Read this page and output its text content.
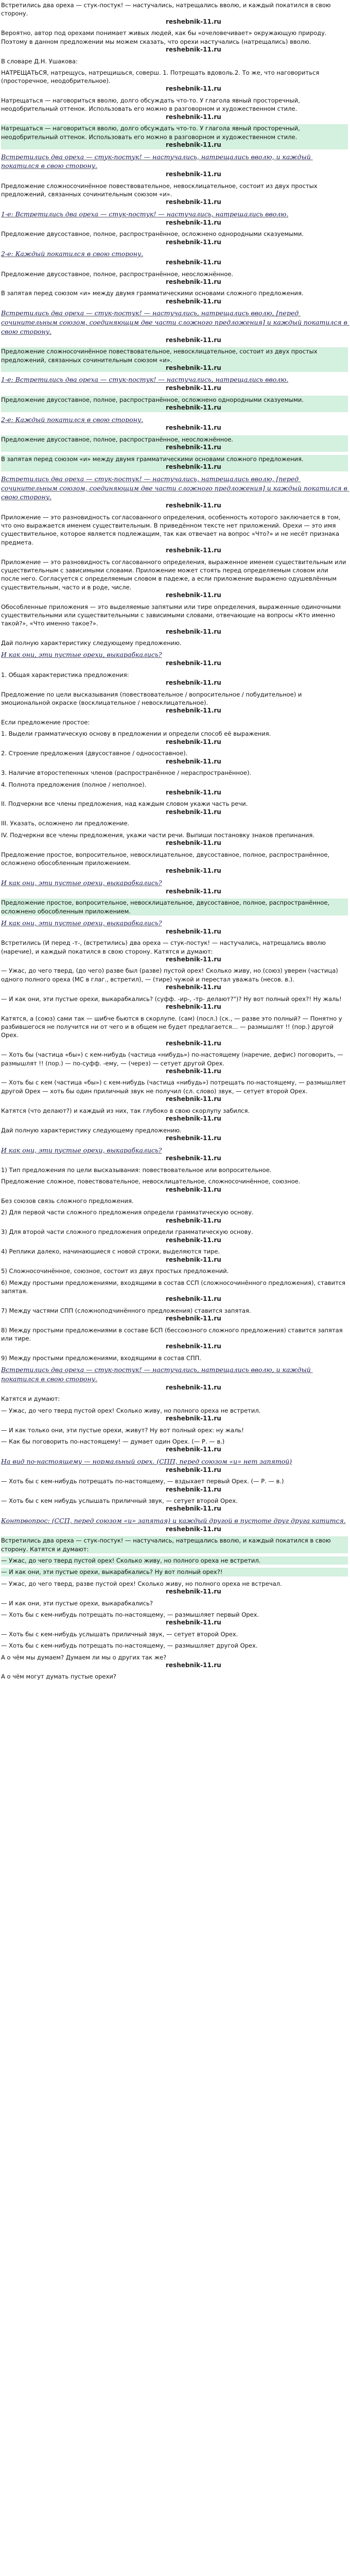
Встретились два ореха — стук-постук! — настучались, натрещались вволю, и каждый покатился в свою сторону.
reshebnik-11.ru
Вероятно, автор под орехами понимает живых людей, как бы «очеловечивает» окружающую природу. Поэтому в данном предложении мы можем сказать, что орехи настучались (натрещались) вволю.
reshebnik-11.ru
В словаре Д.Н. Ушакова:
НАТРЕЩАТЬСЯ, натрещусь, натрещишься, соверш. 1. Потрещать вдоволь.2. То же, что наговориться (просторечное, неодобрительное).
reshebnik-11.ru
Натрещаться — наговориться вволю, долго обсуждать что-то. У глагола явный просторечный, неодобрительный оттенок. Использовать его можно в разговорном и художественном стиле.
reshebnik-11.ru
Натрещаться — наговориться вволю, долго обсуждать что-то. У глагола явный просторечный, неодобрительный оттенок. Использовать его можно в разговорном и художественном стиле.
reshebnik-11.ru
Встретились два ореха — стук-постук! — настучались, натрещались вволю, и каждый покатился в свою сторону.
reshebnik-11.ru
Предложение сложносочинённое повествовательное, невосклицательное, состоит из двух простых предложений, связанных сочинительным союзом «и».
reshebnik-11.ru
1-е: Встретились два ореха — стук-постук! — настучались, натрещались вволю.
reshebnik-11.ru
Предложение двусоставное, полное, распространённое, осложнено однородными сказуемыми.
reshebnik-11.ru
2-е: Каждый покатился в свою сторону.
reshebnik-11.ru
Предложение двусоставное, полное, распространённое, неосложнённое.
reshebnik-11.ru
В запятая перед союзом «и» между двумя грамматическими основами сложного предложения.
reshebnik-11.ru
Встретились два ореха — стук-постук! — настучались, натрещались вволю, [перед сочинительным союзом, соединяющим две части сложного предложения] и каждый покатился в свою сторону.
reshebnik-11.ru
Предложение сложносочинённое повествовательное, невосклицательное, состоит из двух простых предложений, связанных сочинительным союзом «и».
reshebnik-11.ru
1-е: Встретились два ореха — стук-постук! — настучались, натрещались вволю.
reshebnik-11.ru
Предложение двусоставное, полное, распространённое, осложнено однородными сказуемыми.
reshebnik-11.ru
2-е: Каждый покатился в свою сторону.
reshebnik-11.ru
Предложение двусоставное, полное, распространённое, неосложнённое.
reshebnik-11.ru
В запятая перед союзом «и» между двумя грамматическими основами сложного предложения.
reshebnik-11.ru
Встретились два ореха — стук-постук! — настучались, натрещались вволю, [перед сочинительным союзом, соединяющим две части сложного предложения] и каждый покатился в свою сторону.
reshebnik-11.ru
Приложение — это разновидность согласованного определения, особенность которого заключается в том, что оно выражается именем существительным. В приведённом тексте нет приложений. Орехи — это имя существительное, которое является подлежащим, так как отвечает на вопрос «Что?» и не несёт признака предмета.
reshebnik-11.ru
Приложение — это разновидность согласованного определения, выраженное именем существительным или существительным с зависимыми словами. Приложение может стоять перед определяемым словом или после него. Согласуется с определяемым словом в падеже, а если приложение выражено одушевлённым существительным, часто и в роде, числе.
reshebnik-11.ru
Обособленные приложения — это выделяемые запятыми или тире определения, выраженные одиночными существительными или существительными с зависимыми словами, отвечающие на вопросы «Кто именно такой?», «Что именно такое?».
reshebnik-11.ru
Дай полную характеристику следующему предложению.
И как они, эти пустые орехи, выкарабкались?
reshebnik-11.ru
1. Общая характеристика предложения:
reshebnik-11.ru
Предложение по цели высказывания (повествовательное / вопросительное / побудительное) и эмоциональной окраске (восклицательное / невосклицательное).
reshebnik-11.ru
Если предложение простое:
1. Выдели грамматическую основу в предложении и определи способ её выражения.
reshebnik-11.ru
2. Строение предложения (двусоставное / односоставное).
reshebnik-11.ru
3. Наличие второстепенных членов (распространённое / нераспространённое).
4. Полнота предложения (полное / неполное).
reshebnik-11.ru
II. Подчеркни все члены предложения, над каждым словом укажи часть речи.
reshebnik-11.ru
III. Указать, осложнено ли предложение.
IV. Подчеркни все члены предложения, укажи части речи. Выпиши постановку знаков препинания.
reshebnik-11.ru
Предложение простое, вопросительное, невосклицательное, двусоставное, полное, распространённое, осложнено обособленным приложением.
reshebnik-11.ru
И как они, эти пустые орехи, выкарабкались?
reshebnik-11.ru
Предложение простое, вопросительное, невосклицательное, двусоставное, полное, распространённое, осложнено обособленным приложением.
И как они, эти пустые орехи, выкарабкались?
reshebnik-11.ru
Встретились (И перед -т-, (встретились) два ореха — стук-постук! — настучались, натрещались вволю (наречие), и каждый покатился в свою сторону. Катятся и думают:
reshebnik-11.ru
— Ужас, до чего тверд, (до чего) разве был (разве) пустой орех! Сколько живу, но (союз) уверен (частица) одного полного ореха (MC в глаг., встретил), — (тире) чужой и перестал уважать (несов. в.).
reshebnik-11.ru
— И как они, эти пустые орехи, выкарабкались? (суфф. -ир-, -тр- делают?")? Ну вот полный орех?! Ну жаль!
reshebnik-11.ru
Катятся, а (союз) сами так — шибче бьются в скорлупе. (сам) (посл.) (ск., — разве это полный? — Понятно у разбившегося не получится ни от чего и в общем не будет предлагается… — размышлят !! (пор.) другой Орех.
reshebnik-11.ru
— Хоть бы (частица «бы») с кем-нибудь (частица «нибудь») по-настоящему (наречие, дефис) поговорить, — размышлят !! (пор.) — по-суфф. -ему, — (через) — сетует другой Орех.
reshebnik-11.ru
— Хоть бы с кем (частица «бы») с кем-нибудь (частица «нибудь») потрещать по-настоящему, — размышляет другой Орех — хоть бы один приличный звук не получил (сл. слово) звук, — сетует второй Орех.
reshebnik-11.ru
Катятся (что делают?) и каждый из них, так глубоко в свою скорлупу забился.
reshebnik-11.ru
Дай полную характеристику следующему предложению.
reshebnik-11.ru
И как они, эти пустые орехи, выкарабкались?
reshebnik-11.ru
1) Тип предложения по цели высказывания: повествовательное или вопросительное.
Предложение сложное, повествовательное, невосклицательное, сложносочинённое, союзное.
reshebnik-11.ru
Без союзов связь сложного предложения.
2) Для первой части сложного предложения определи грамматическую основу.
reshebnik-11.ru
3) Для второй части сложного предложения определи грамматическую основу.
reshebnik-11.ru
4) Реплики далеко, начинающиеся с новой строки, выделяются тире.
reshebnik-11.ru
5) Сложносочинённое, союзное, состоит из двух простых предложений.
6) Между простыми предложениями, входящими в состав ССП (сложносочинённого предложения), ставится запятая.
reshebnik-11.ru
7) Между частями СПП (сложноподчинённого предложения) ставится запятая.
reshebnik-11.ru
8) Между простыми предложениями в составе БСП (бессоюзного сложного предложения) ставится запятая или тире.
reshebnik-11.ru
9) Между простыми предложениями, входящими в состав СПП.
Встретились два ореха — стук-постук! — настучались, натрещались вволю, и каждый покатился в свою сторону.
reshebnik-11.ru
Катятся и думают:
— Ужас, до чего тверд пустой орех! Сколько живу, но полного ореха не встретил.
reshebnik-11.ru
— И как только они, эти пустые орехи, живут? Ну вот полный орех: ну жаль!
— Как бы поговорить по-настоящему! — думает один Орех. (— Р. — в.)
reshebnik-11.ru
На вид по-настоящему — нормальный орех. (СПП, перед союзом «и» нет запятой)
reshebnik-11.ru
— Хоть бы с кем-нибудь потрещать по-настоящему, — вздыхает первый Орех. (— Р. — в.)
reshebnik-11.ru
— Хоть бы с кем нибудь услышать приличный звук, — сетует второй Орех.
reshebnik-11.ru
Контрвопрос: (ССП, перед союзом «и» запятая) и каждый другой в пустоте друг друга катится.
reshebnik-11.ru
Встретились два ореха — стук-постук! — настучались, натрещались вволю, и каждый покатился в свою сторону. Катятся и думают:
— Ужас, до чего тверд пустой орех! Сколько живу, но полного ореха не встретил.
— И как они, эти пустые орехи, выкарабкались? Ну вот полный орех?!
— Ужас, до чего тверд, разве пустой орех! Сколько живу, но полного ореха не встречал.
reshebnik-11.ru
— И как они, эти пустые орехи, выкарабкались?
— Хоть бы с кем-нибудь потрещать по-настоящему, — размышляет первый Орех.
reshebnik-11.ru
— Хоть бы с кем-нибудь услышать приличный звук, — сетует второй Орех.
— Хоть бы с кем-нибудь потрещать по-настоящему, — размышляет другой Орех.
А о чём мы думаем? Думаем ли мы о других так же?
reshebnik-11.ru
А о чём могут думать пустые орехи?
